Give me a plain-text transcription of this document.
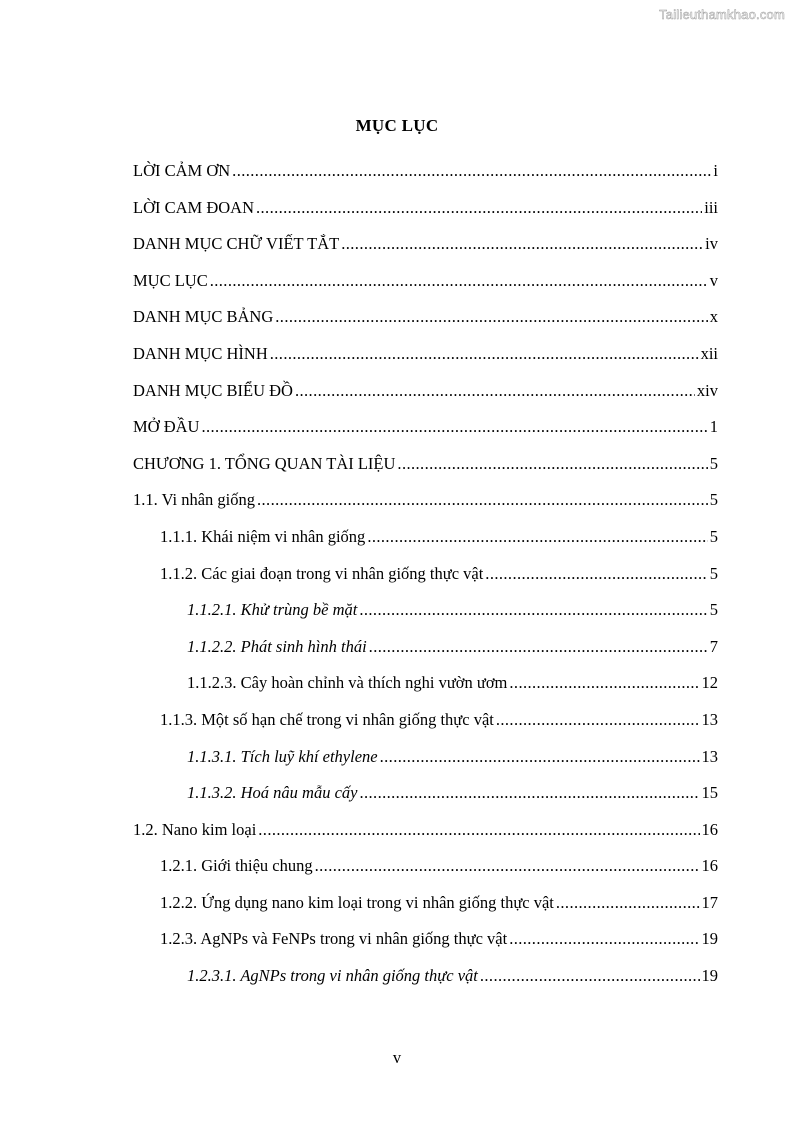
Tailieuthamkhao.com
MỤC LỤC
LỜI CẢM ƠN .....	i
LỜI CAM ĐOAN .....	iii
DANH MỤC CHỮ VIẾT TẮT .....	iv
MỤC LỤC .....	v
DANH MỤC BẢNG .....	x
DANH MỤC HÌNH .....	xii
DANH MỤC BIỂU ĐỒ .....	xiv
MỞ ĐẦU .....	1
CHƯƠNG 1. TỔNG QUAN TÀI LIỆU .....	5
1.1. Vi nhân giống .....	5
1.1.1. Khái niệm vi nhân giống .....	5
1.1.2. Các giai đoạn trong vi nhân giống thực vật .....	5
1.1.2.1. Khử trùng bề mặt .....	5
1.1.2.2. Phát sinh hình thái .....	7
1.1.2.3. Cây hoàn chỉnh và thích nghi vườn ươm .....	12
1.1.3. Một số hạn chế trong vi nhân giống thực vật .....	13
1.1.3.1. Tích luỹ khí ethylene .....	13
1.1.3.2. Hoá nâu mẫu cấy .....	15
1.2. Nano kim loại .....	16
1.2.1. Giới thiệu chung .....	16
1.2.2. Ứng dụng nano kim loại trong vi nhân giống thực vật .....	17
1.2.3. AgNPs và FeNPs trong vi nhân giống thực vật .....	19
1.2.3.1. AgNPs trong vi nhân giống thực vật .....	19
v
